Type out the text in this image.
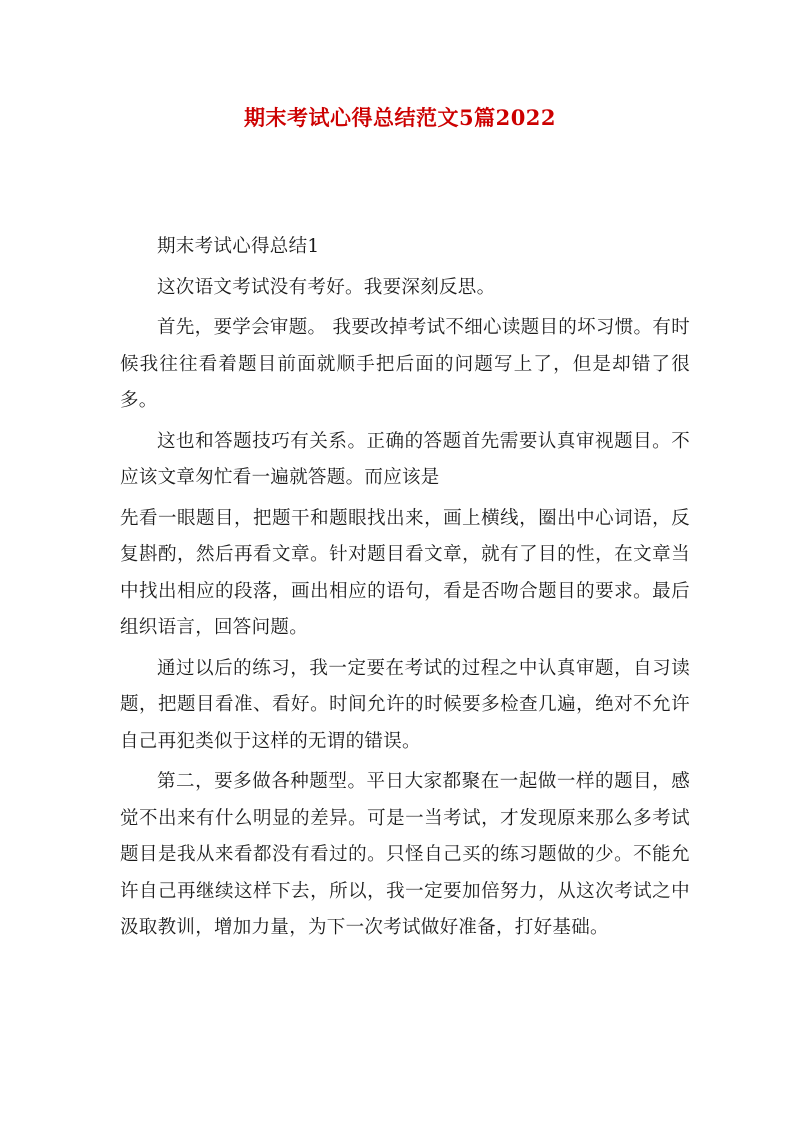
期末考试心得总结范文5篇2022

期末考试心得总结1

这次语文考试没有考好。我要深刻反思。

首先，要学会审题。 我要改掉考试不细心读题目的坏习惯。有时候我往往看着题目前面就顺手把后面的问题写上了，但是却错了很多。

这也和答题技巧有关系。正确的答题首先需要认真审视题目。不应该文章匆忙看一遍就答题。而应该是

先看一眼题目，把题干和题眼找出来，画上横线，圈出中心词语，反复斟酌，然后再看文章。针对题目看文章，就有了目的性，在文章当中找出相应的段落，画出相应的语句，看是否吻合题目的要求。最后组织语言，回答问题。

通过以后的练习，我一定要在考试的过程之中认真审题，自习读题，把题目看准、看好。时间允许的时候要多检查几遍，绝对不允许自己再犯类似于这样的无谓的错误。

第二，要多做各种题型。平日大家都聚在一起做一样的题目，感觉不出来有什么明显的差异。可是一当考试，才发现原来那么多考试题目是我从来看都没有看过的。只怪自己买的练习题做的少。不能允许自己再继续这样下去，所以，我一定要加倍努力，从这次考试之中汲取教训，增加力量，为下一次考试做好准备，打好基础。
